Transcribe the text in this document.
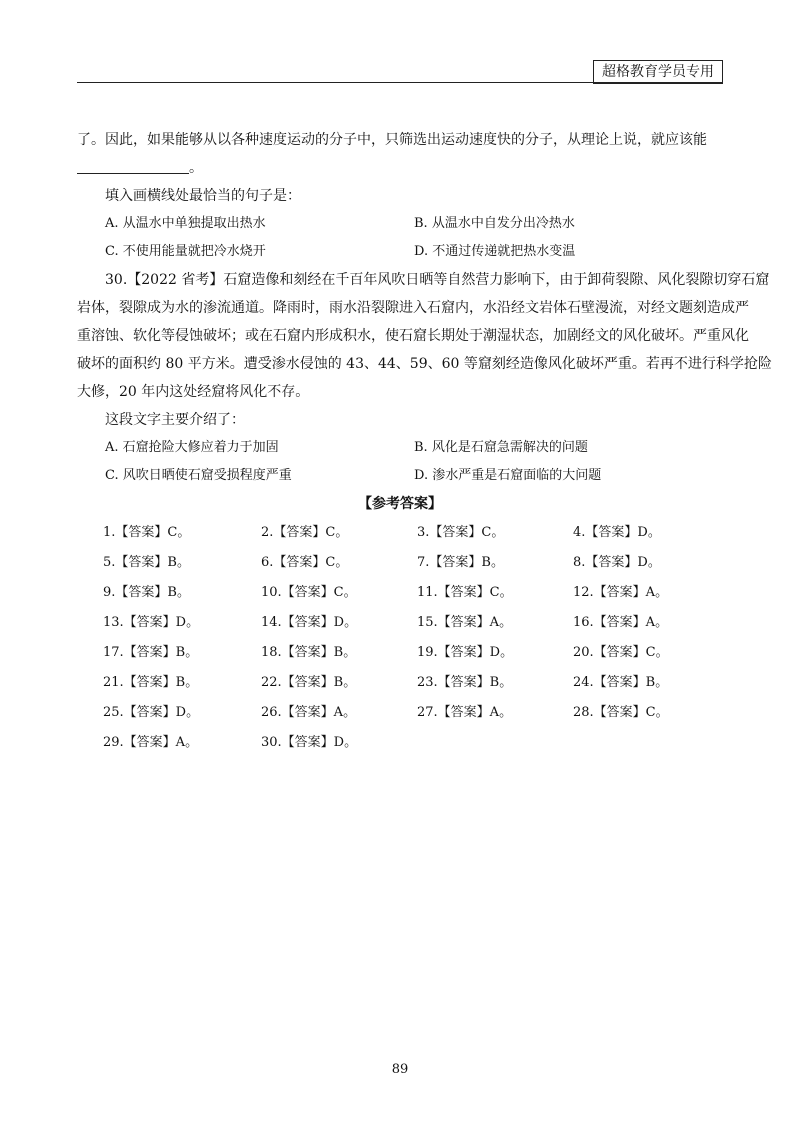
超格教育学员专用
了。因此，如果能够从以各种速度运动的分子中，只筛选出运动速度快的分子，从理论上说，就应该能
。
填入画横线处最恰当的句子是：
A. 从温水中单独提取出热水	B. 从温水中自发分出冷热水
C. 不使用能量就把冷水烧开	D. 不通过传递就把热水变温
30.【2022 省考】石窟造像和刻经在千百年风吹日晒等自然营力影响下，由于卸荷裂隙、风化裂隙切穿石窟
岩体，裂隙成为水的渗流通道。降雨时，雨水沿裂隙进入石窟内，水沿经文岩体石壁漫流，对经文题刻造成严
重溶蚀、软化等侵蚀破坏；或在石窟内形成积水，使石窟长期处于潮湿状态，加剧经文的风化破坏。严重风化
破坏的面积约 80 平方米。遭受渗水侵蚀的 43、44、59、60 等窟刻经造像风化破坏严重。若再不进行科学抢险
大修，20 年内这处经窟将风化不存。
这段文字主要介绍了：
A. 石窟抢险大修应着力于加固	B. 风化是石窟急需解决的问题
C. 风吹日晒使石窟受损程度严重	D. 渗水严重是石窟面临的大问题
【参考答案】
1.【答案】C。	2.【答案】C。	3.【答案】C。	4.【答案】D。
5.【答案】B。	6.【答案】C。	7.【答案】B。	8.【答案】D。
9.【答案】B。	10.【答案】C。	11.【答案】C。	12.【答案】A。
13.【答案】D。	14.【答案】D。	15.【答案】A。	16.【答案】A。
17.【答案】B。	18.【答案】B。	19.【答案】D。	20.【答案】C。
21.【答案】B。	22.【答案】B。	23.【答案】B。	24.【答案】B。
25.【答案】D。	26.【答案】A。	27.【答案】A。	28.【答案】C。
29.【答案】A。	30.【答案】D。
89
